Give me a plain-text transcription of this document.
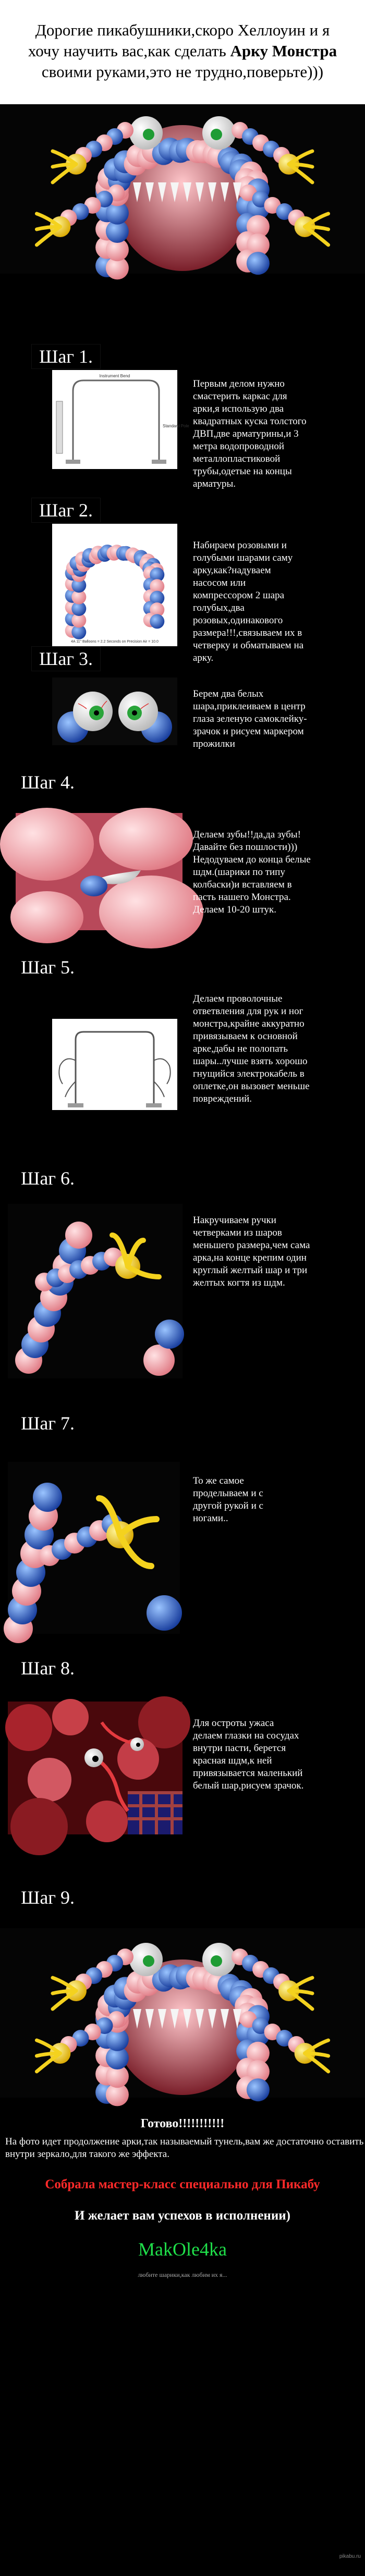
Дорогие пикабушники,скоро Хеллоуин и я
хочу научить вас,как сделать Арку Монстра
своими руками,это не трудно,поверьте)))
Шаг 1.
Instrument Bend
Standard Pole
Первым делом нужно смастерить каркас для арки,я использую два квадратных куска толстого ДВП,две арматурины,и 3 метра водопроводной металлопластиковой трубы,одетые на концы арматуры.
Шаг 2.
4A 11" Balloons = 2.2 Seconds on Precision Air = 10.0
Набираем розовыми и голубыми шарами саму арку,как?надуваем насосом или компрессором 2 шара голубых,два розовых,одинакового размера!!!,связываем их в четверку и обматываем на арку.
Шаг 3.
Берем два белых шара,приклеиваем в центр глаза зеленую самоклейку-зрачок и рисуем маркером прожилки
Шаг 4.
Делаем зубы!!да,да зубы! Давайте без пошлости))) Недодуваем до конца белые шдм.(шарики по типу колбаски)и вставляем в пасть нашего Монстра. Делаем 10-20 штук.
Шаг 5.
Делаем проволочные ответвления для рук и ног монстра,крайне аккуратно привязываем к основной арке,дабы не полопать шары..лучше взять хорошо гнущийся электрокабель в оплетке,он вызовет меньше повреждений.
Шаг 6.
Накручиваем ручки четверками из шаров меньшего размера,чем сама арка,на конце крепим один круглый желтый шар и три желтых когтя из шдм.
Шаг 7.
То же самое проделываем и с другой рукой и с ногами..
Шаг 8.
Для остроты ужаса делаем глазки на сосудах внутри пасти, берется красная шдм,к ней привязывается маленький белый шар,рисуем зрачок.
Шаг 9.
Готово!!!!!!!!!!!
На фото идет продолжение арки,так называемый тунель,вам же достаточно оставить внутри зеркало,для такого же эффекта.
Собрала мастер-класс специально для Пикабу
И желает вам успехов в исполнении)
MakOle4ka
любите шарики,как любим их я...
pikabu.ru
